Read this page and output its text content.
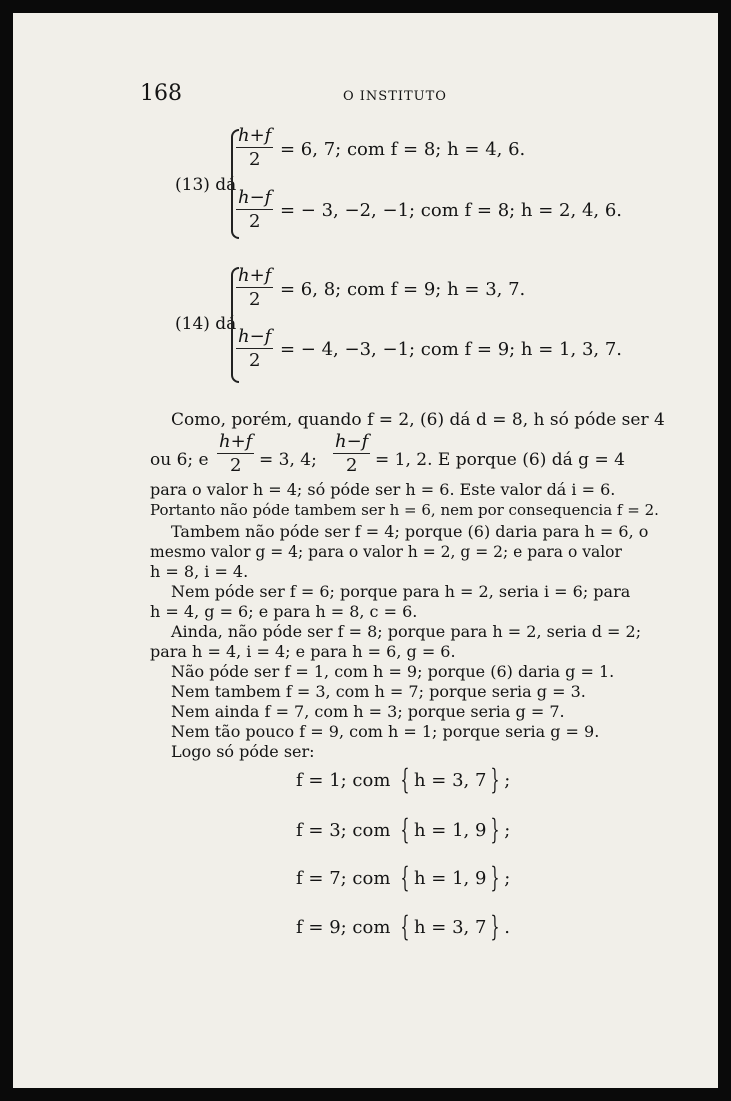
168	O INSTITUTO
(13) dá
h+f
2 = 6, 7; com f = 8; h = 4, 6.
h−f
2
= − 3, −2, −1; com f = 8; h = 2, 4, 6.
(14) dá
h+f
2 = 6, 8; com f = 9; h = 3, 7.
h−f
2
= − 4, −3, −1; com f = 9; h = 1, 3, 7.
Como, porém, quando f = 2, (6) dá d = 8, h só póde ser 4
ou 6; e
h+f
2 = 3, 4;
h−f
2 = 1, 2. E porque (6) dá g = 4
para o valor h = 4; só póde ser h = 6. Este valor dá i = 6.
Portanto não póde tambem ser h = 6, nem por consequencia f = 2.
Tambem não póde ser f = 4; porque (6) daria para h = 6, o
mesmo valor g = 4; para o valor h = 2, g = 2; e para o valor
h = 8, i = 4.
Nem póde ser f = 6; porque para h = 2, seria i = 6; para
h = 4, g = 6; e para h = 8, c = 6.
Ainda, não póde ser f = 8; porque para h = 2, seria d = 2;
para h = 4, i = 4; e para h = 6, g = 6.
Não póde ser f = 1, com h = 9; porque (6) daria g = 1.
Nem tambem f = 3, com h = 7; porque seria g = 3.
Nem ainda f = 7, com h = 3; porque seria g = 7.
Nem tão pouco f = 9, com h = 1; porque seria g = 9.
Logo só póde ser:
f = 1; com { h = 3, 7 } ;
f = 3; com { h = 1, 9 } ;
f = 7; com { h = 1, 9 } ;
f = 9; com { h = 3, 7 } .
